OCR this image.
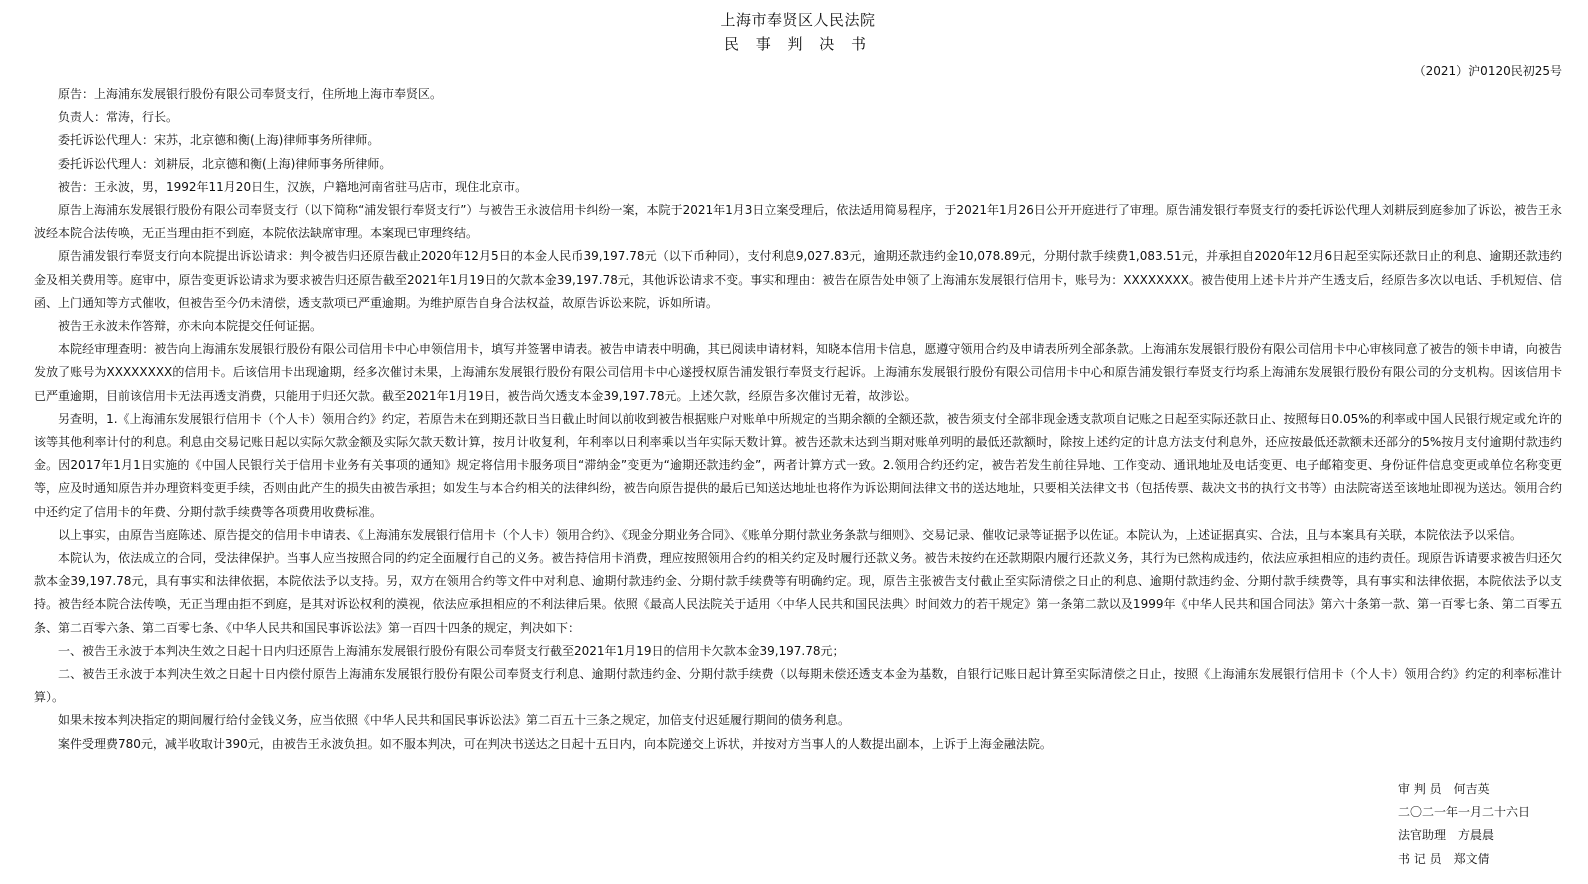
上海市奉贤区人民法院
民 事 判 决 书
（2021）沪0120民初25号

原告：上海浦东发展银行股份有限公司奉贤支行，住所地上海市奉贤区。

负责人：常涛，行长。

委托诉讼代理人：宋苏，北京德和衡(上海)律师事务所律师。

委托诉讼代理人：刘耕辰，北京德和衡(上海)律师事务所律师。

被告：王永波，男，1992年11月20日生，汉族，户籍地河南省驻马店市，现住北京市。

原告上海浦东发展银行股份有限公司奉贤支行（以下简称“浦发银行奉贤支行”）与被告王永波信用卡纠纷一案，本院于2021年1月3日立案受理后，依法适用简易程序，于2021年1月26日公开开庭进行了审理。原告浦发银行奉贤支行的委托诉讼代理人刘耕辰到庭参加了诉讼，被告王永波经本院合法传唤，无正当理由拒不到庭，本院依法缺席审理。本案现已审理终结。

原告浦发银行奉贤支行向本院提出诉讼请求：判令被告归还原告截止2020年12月5日的本金人民币39,197.78元（以下币种同），支付利息9,027.83元，逾期还款违约金10,078.89元，分期付款手续费1,083.51元，并承担自2020年12月6日起至实际还款日止的利息、逾期还款违约金及相关费用等。庭审中，原告变更诉讼请求为要求被告归还原告截至2021年1月19日的欠款本金39,197.78元，其他诉讼请求不变。事实和理由：被告在原告处申领了上海浦东发展银行信用卡，账号为：XXXXXXXX。被告使用上述卡片并产生透支后，经原告多次以电话、手机短信、信函、上门通知等方式催收，但被告至今仍未清偿，透支款项已严重逾期。为维护原告自身合法权益，故原告诉讼来院，诉如所请。

被告王永波未作答辩，亦未向本院提交任何证据。

本院经审理查明：被告向上海浦东发展银行股份有限公司信用卡中心申领信用卡，填写并签署申请表。被告申请表中明确，其已阅读申请材料，知晓本信用卡信息，愿遵守领用合约及申请表所列全部条款。上海浦东发展银行股份有限公司信用卡中心审核同意了被告的领卡申请，向被告发放了账号为XXXXXXXX的信用卡。后该信用卡出现逾期，经多次催讨未果，上海浦东发展银行股份有限公司信用卡中心遂授权原告浦发银行奉贤支行起诉。上海浦东发展银行股份有限公司信用卡中心和原告浦发银行奉贤支行均系上海浦东发展银行股份有限公司的分支机构。因该信用卡已严重逾期，目前该信用卡无法再透支消费，只能用于归还欠款。截至2021年1月19日，被告尚欠透支本金39,197.78元。上述欠款，经原告多次催讨无着，故涉讼。

另查明，1.《上海浦东发展银行信用卡（个人卡）领用合约》约定，若原告未在到期还款日当日截止时间以前收到被告根据账户对账单中所规定的当期余额的全额还款，被告须支付全部非现金透支款项自记账之日起至实际还款日止、按照每日0.05%的利率或中国人民银行规定或允许的该等其他利率计付的利息。利息由交易记账日起以实际欠款金额及实际欠款天数计算，按月计收复利，年利率以日利率乘以当年实际天数计算。被告还款未达到当期对账单列明的最低还款额时，除按上述约定的计息方法支付利息外，还应按最低还款额未还部分的5%按月支付逾期付款违约金。因2017年1月1日实施的《中国人民银行关于信用卡业务有关事项的通知》规定将信用卡服务项目“滞纳金”变更为“逾期还款违约金”，两者计算方式一致。2.领用合约还约定，被告若发生前往异地、工作变动、通讯地址及电话变更、电子邮箱变更、身份证件信息变更或单位名称变更等，应及时通知原告并办理资料变更手续，否则由此产生的损失由被告承担；如发生与本合约相关的法律纠纷，被告向原告提供的最后已知送达地址也将作为诉讼期间法律文书的送达地址，只要相关法律文书（包括传票、裁决文书的执行文书等）由法院寄送至该地址即视为送达。领用合约中还约定了信用卡的年费、分期付款手续费等各项费用收费标准。

以上事实，由原告当庭陈述、原告提交的信用卡申请表、《上海浦东发展银行信用卡（个人卡）领用合约》、《现金分期业务合同》、《账单分期付款业务条款与细则》、交易记录、催收记录等证据予以佐证。本院认为，上述证据真实、合法，且与本案具有关联，本院依法予以采信。

本院认为，依法成立的合同，受法律保护。当事人应当按照合同的约定全面履行自己的义务。被告持信用卡消费，理应按照领用合约的相关约定及时履行还款义务。被告未按约在还款期限内履行还款义务，其行为已然构成违约，依法应承担相应的违约责任。现原告诉请要求被告归还欠款本金39,197.78元，具有事实和法律依据，本院依法予以支持。另，双方在领用合约等文件中对利息、逾期付款违约金、分期付款手续费等有明确约定。现，原告主张被告支付截止至实际清偿之日止的利息、逾期付款违约金、分期付款手续费等，具有事实和法律依据，本院依法予以支持。被告经本院合法传唤，无正当理由拒不到庭，是其对诉讼权利的漠视，依法应承担相应的不利法律后果。依照《最高人民法院关于适用〈中华人民共和国民法典〉时间效力的若干规定》第一条第二款以及1999年《中华人民共和国合同法》第六十条第一款、第一百零七条、第二百零五条、第二百零六条、第二百零七条、《中华人民共和国民事诉讼法》第一百四十四条的规定，判决如下：

一、被告王永波于本判决生效之日起十日内归还原告上海浦东发展银行股份有限公司奉贤支行截至2021年1月19日的信用卡欠款本金39,197.78元；

二、被告王永波于本判决生效之日起十日内偿付原告上海浦东发展银行股份有限公司奉贤支行利息、逾期付款违约金、分期付款手续费（以每期未偿还透支本金为基数，自银行记账日起计算至实际清偿之日止，按照《上海浦东发展银行信用卡（个人卡）领用合约》约定的利率标准计算）。

如果未按本判决指定的期间履行给付金钱义务，应当依照《中华人民共和国民事诉讼法》第二百五十三条之规定，加倍支付迟延履行期间的债务利息。

案件受理费780元，减半收取计390元，由被告王永波负担。如不服本判决，可在判决书送达之日起十五日内，向本院递交上诉状，并按对方当事人的人数提出副本，上诉于上海金融法院。

审 判 员　何吉英
二〇二一年一月二十六日
法官助理　方晨晨
书 记 员　郑文倩
